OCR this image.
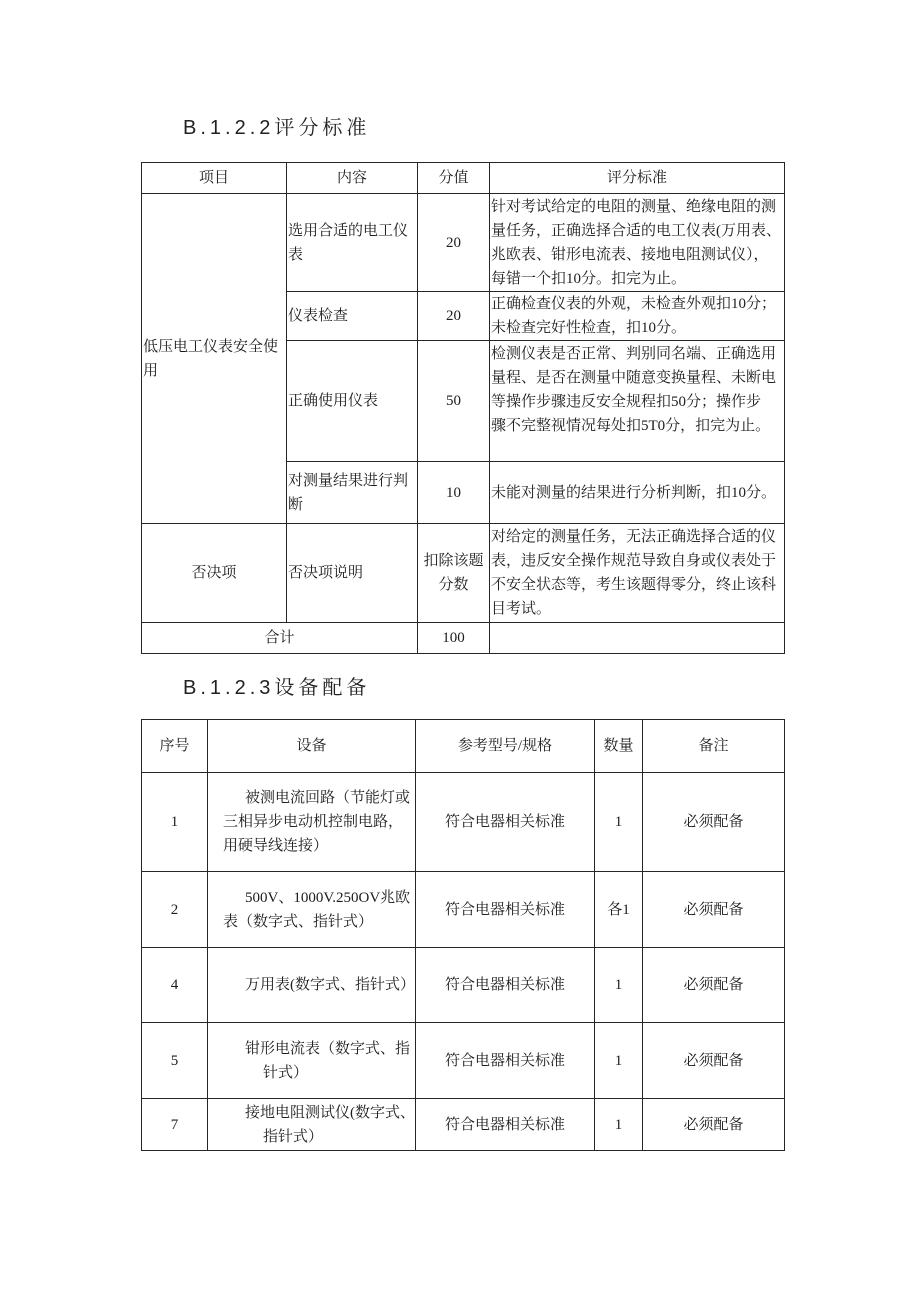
B.1.2.2评分标准
项目	内容	分值	评分标准
低压电工仪表安全使
用	选用合适的电工仪
表	20	针对考试给定的电阻的测量、绝缘电阻的测
量任务，正确选择合适的电工仪表(万用表、
兆欧表、钳形电流表、接地电阻测试仪），
每错一个扣10分。扣完为止。
	仪表检查	20	正确检查仪表的外观，未检查外观扣10分；
未检查完好性检查，扣10分。
	正确使用仪表	50	检测仪表是否正常、判别同名端、正确选用
量程、是否在测量中随意变换量程、未断电
等操作步骤违反安全规程扣50分；操作步
骤不完整视情况每处扣5T0分，扣完为止。
	对测量结果进行判
断	10	未能对测量的结果进行分析判断，扣10分。
否决项	否决项说明	扣除该题
分数	对给定的测量任务，无法正确选择合适的仪
表，违反安全操作规范导致自身或仪表处于
不安全状态等，考生该题得零分，终止该科
目考试。
合计		100	
B.1.2.3设备配备
序号	设备	参考型号/规格	数量	备注
1	被测电流回路（节能灯或
三相异步电动机控制电路，
用硬导线连接）	符合电器相关标准	1	必须配备
2	500V、1000V.250OV兆欧
表（数字式、指针式）	符合电器相关标准	各1	必须配备
4	万用表(数字式、指针式）	符合电器相关标准	1	必须配备
5	钳形电流表（数字式、指
针式）	符合电器相关标准	1	必须配备
7	接地电阻测试仪(数字式、
指针式）	符合电器相关标准	1	必须配备
